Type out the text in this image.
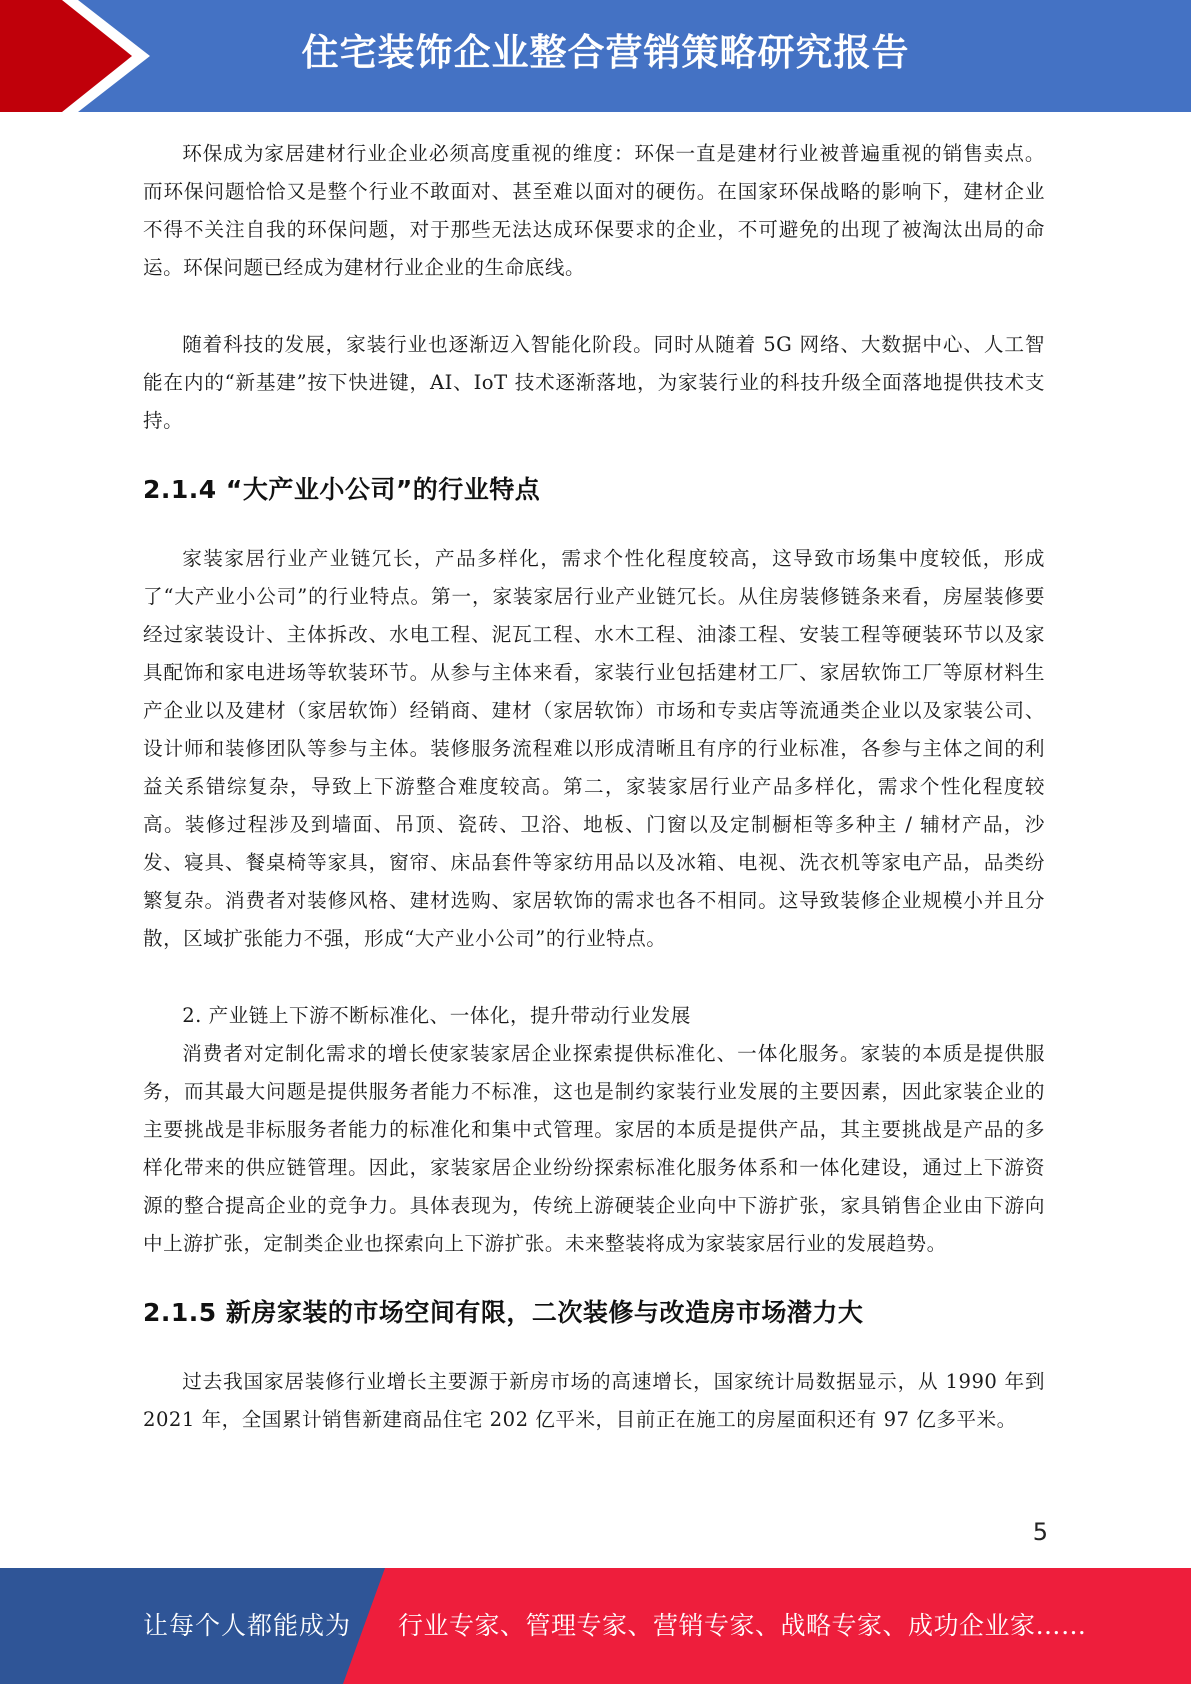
住宅装饰企业整合营销策略研究报告

环保成为家居建材行业企业必须高度重视的维度：环保一直是建材行业被普遍重视的销售卖点。而环保问题恰恰又是整个行业不敢面对、甚至难以面对的硬伤。在国家环保战略的影响下，建材企业不得不关注自我的环保问题，对于那些无法达成环保要求的企业，不可避免的出现了被淘汰出局的命运。环保问题已经成为建材行业企业的生命底线。

随着科技的发展，家装行业也逐渐迈入智能化阶段。同时从随着 5G 网络、大数据中心、人工智能在内的“新基建”按下快进键，AI、IoT 技术逐渐落地，为家装行业的科技升级全面落地提供技术支持。

2.1.4 “大产业小公司”的行业特点

家装家居行业产业链冗长，产品多样化，需求个性化程度较高，这导致市场集中度较低，形成了“大产业小公司”的行业特点。第一，家装家居行业产业链冗长。从住房装修链条来看，房屋装修要经过家装设计、主体拆改、水电工程、泥瓦工程、水木工程、油漆工程、安装工程等硬装环节以及家具配饰和家电进场等软装环节。从参与主体来看，家装行业包括建材工厂、家居软饰工厂等原材料生产企业以及建材（家居软饰）经销商、建材（家居软饰）市场和专卖店等流通类企业以及家装公司、设计师和装修团队等参与主体。装修服务流程难以形成清晰且有序的行业标准，各参与主体之间的利益关系错综复杂，导致上下游整合难度较高。第二，家装家居行业产品多样化，需求个性化程度较高。装修过程涉及到墙面、吊顶、瓷砖、卫浴、地板、门窗以及定制橱柜等多种主 / 辅材产品，沙发、寝具、餐桌椅等家具，窗帘、床品套件等家纺用品以及冰箱、电视、洗衣机等家电产品，品类纷繁复杂。消费者对装修风格、建材选购、家居软饰的需求也各不相同。这导致装修企业规模小并且分散，区域扩张能力不强，形成“大产业小公司”的行业特点。

2. 产业链上下游不断标准化、一体化，提升带动行业发展

消费者对定制化需求的增长使家装家居企业探索提供标准化、一体化服务。家装的本质是提供服务，而其最大问题是提供服务者能力不标准，这也是制约家装行业发展的主要因素，因此家装企业的主要挑战是非标服务者能力的标准化和集中式管理。家居的本质是提供产品，其主要挑战是产品的多样化带来的供应链管理。因此，家装家居企业纷纷探索标准化服务体系和一体化建设，通过上下游资源的整合提高企业的竞争力。具体表现为，传统上游硬装企业向中下游扩张，家具销售企业由下游向中上游扩张，定制类企业也探索向上下游扩张。未来整装将成为家装家居行业的发展趋势。

2.1.5 新房家装的市场空间有限，二次装修与改造房市场潜力大

过去我国家居装修行业增长主要源于新房市场的高速增长，国家统计局数据显示，从 1990 年到 2021 年，全国累计销售新建商品住宅 202 亿平米，目前正在施工的房屋面积还有 97 亿多平米。

5
让每个人都能成为 行业专家、管理专家、营销专家、战略专家、成功企业家……
